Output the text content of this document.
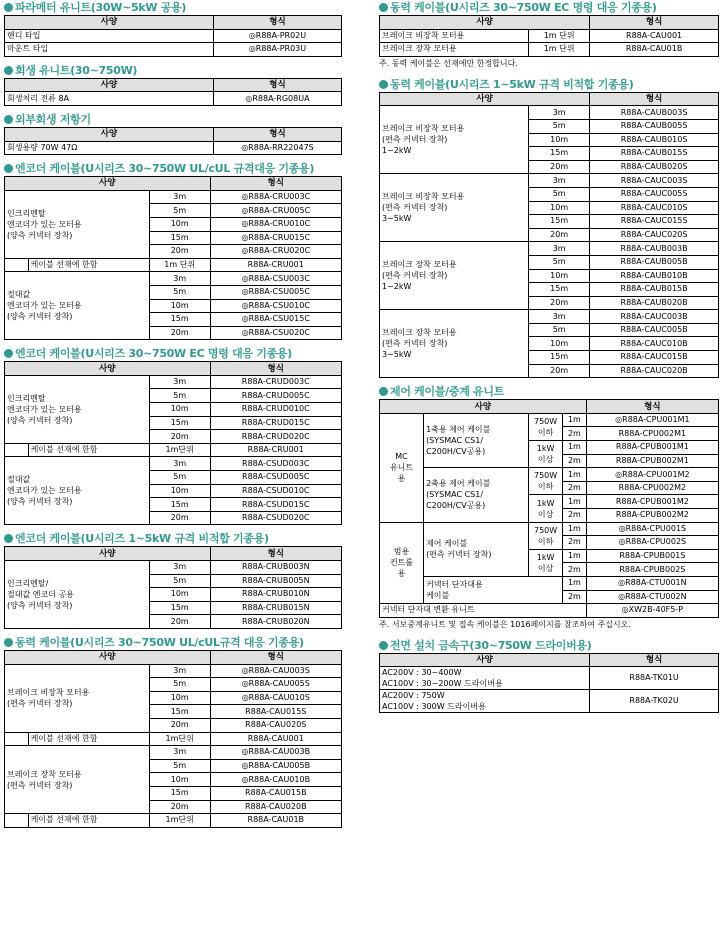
파라메터 유니트(30W~5kW 공용)
사양	형식
핸디 타입	◎R88A-PR02U
마운트 타입	◎R88A-PR03U
회생 유니트(30~750W)
사양	형식
회생처리 전류 8A	◎R88A-RG08UA
외부회생 저항기
사양	형식
회생용량 70W 47Ω	◎R88A-RR22047S
엔코더 케이블(U시리즈 30~750W UL/cUL 규격대응 기종용)
사양			형식
인크리멘탈
엔코더가 있는 모터용
(양측 커넥터 장착)		3m	◎R88A-CRU003C
		5m	◎R88A-CRU005C
		10m	◎R88A-CRU010C
		15m	◎R88A-CRU015C
		20m	◎R88A-CRU020C
	케이블 선재에 한함	1m 단위	R88A-CRU001
절대값
엔코더가 있는 모터용
(양측 커넥터 장착)		3m	◎R88A-CSU003C
		5m	◎R88A-CSU005C
		10m	◎R88A-CSU010C
		15m	◎R88A-CSU015C
		20m	◎R88A-CSU020C
엔코더 케이블(U시리즈 30~750W EC 명령 대응 기종용)
사양			형식
인크리멘탈
엔코더가 있는 모터용
(양측 커넥터 장착)		3m	R88A-CRUD003C
		5m	R88A-CRUD005C
		10m	R88A-CRUD010C
		15m	R88A-CRUD015C
		20m	R88A-CRUD020C
	케이블 선재에 한함	1m단위	R88A-CRU001
절대값
엔코더가 있는 모터용
(양측 커넥터 장착)		3m	R88A-CSUD003C
		5m	R88A-CSUD005C
		10m	R88A-CSUD010C
		15m	R88A-CSUD015C
		20m	R88A-CSUD020C
엔코더 케이블(U시리즈 1~5kW 규격 비적합 기종용)
사양		형식
인크리멘탈/
절대값 엔코더 공용
(양측 커넥터 장착)	3m	R88A-CRUB003N
	5m	R88A-CRUB005N
	10m	R88A-CRUB010N
	15m	R88A-CRUB015N
	20m	R88A-CRUB020N
동력 케이블(U시리즈 30~750W UL/cUL규격 대응 기종용)
사양			형식
브레이크 비장착 모터용
(편측 커넥터 장착)		3m	◎R88A-CAU003S
		5m	◎R88A-CAU005S
		10m	◎R88A-CAU010S
		15m	R88A-CAU015S
		20m	R88A-CAU020S
	케이블 선재에 한함	1m단위	R88A-CAU001
브레이크 장착 모터용
(편측 커넥터 장착)		3m	◎R88A-CAU003B
		5m	◎R88A-CAU005B
		10m	◎R88A-CAU010B
		15m	R88A-CAU015B
		20m	R88A-CAU020B
	케이블 선재에 한함	1m단위	R88A-CAU01B
동력 케이블(U시리즈 30~750W EC 명령 대응 기종용)
사양		형식
브레이크 비장착 모터용	1m 단위	R88A-CAU001
브레이크 장착 모터용	1m 단위	R88A-CAU01B
주. 동력 케이블은 선재에만 한정합니다.
동력 케이블(U시리즈 1~5kW 규격 비적합 기종용)
사양		형식
브레이크 비장착 모터용
(편측 커넥터 장착)
1~2kW	3m	R88A-CAUB003S
	5m	R88A-CAUB005S
	10m	R88A-CAUB010S
	15m	R88A-CAUB015S
	20m	R88A-CAUB020S
브레이크 비장착 모터용
(편측 커넥터 장착)
3~5kW	3m	R88A-CAUC003S
	5m	R88A-CAUC005S
	10m	R88A-CAUC010S
	15m	R88A-CAUC015S
	20m	R88A-CAUC020S
브레이크 장착 모터용
(편측 커넥터 장착)
1~2kW	3m	R88A-CAUB003B
	5m	R88A-CAUB005B
	10m	R88A-CAUB010B
	15m	R88A-CAUB015B
	20m	R88A-CAUB020B
브레이크 장착 모터용
(편측 커넥터 장착)
3~5kW	3m	R88A-CAUC003B
	5m	R88A-CAUC005B
	10m	R88A-CAUC010B
	15m	R88A-CAUC015B
	20m	R88A-CAUC020B
제어 케이블/중계 유니트
사양				형식
MC
유니트
용	1축용 제어 케이블
(SYSMAC CS1/
C200H/CV공용)	750W
이하	1m	◎R88A-CPU001M1
			2m	R88A-CPU002M1
		1kW
이상	1m	R88A-CPUB001M1
			2m	R88A-CPUB002M1
	2축용 제어 케이블
(SYSMAC CS1/
C200H/CV공용)	750W
이하	1m	◎R88A-CPU001M2
			2m	R88A-CPU002M2
		1kW
이상	1m	R88A-CPUB001M2
			2m	R88A-CPUB002M2
범용
컨트롤
용	제어 케이블
(편측 커넥터 장착)	750W
이하	1m	◎R88A-CPU001S
			2m	◎R88A-CPU002S
		1kW
이상	1m	R88A-CPUB001S
			2m	R88A-CPUB002S
	커넥터 단자대용
케이블		1m	◎R88A-CTU001N
			2m	◎R88A-CTU002N
커넥터 단자대 변환 유니트				◎XW2B-40F5-P
주. 서보중계유니트 및 접속 케이블은 1016페이지를 참조하여 주십시오.
전면 설치 금속구(30~750W 드라이버용)
사양	형식
AC200V : 30~400W
AC100V : 30~200W 드라이버용	R88A-TK01U
AC200V : 750W
AC100V : 300W 드라이버용	R88A-TK02U
